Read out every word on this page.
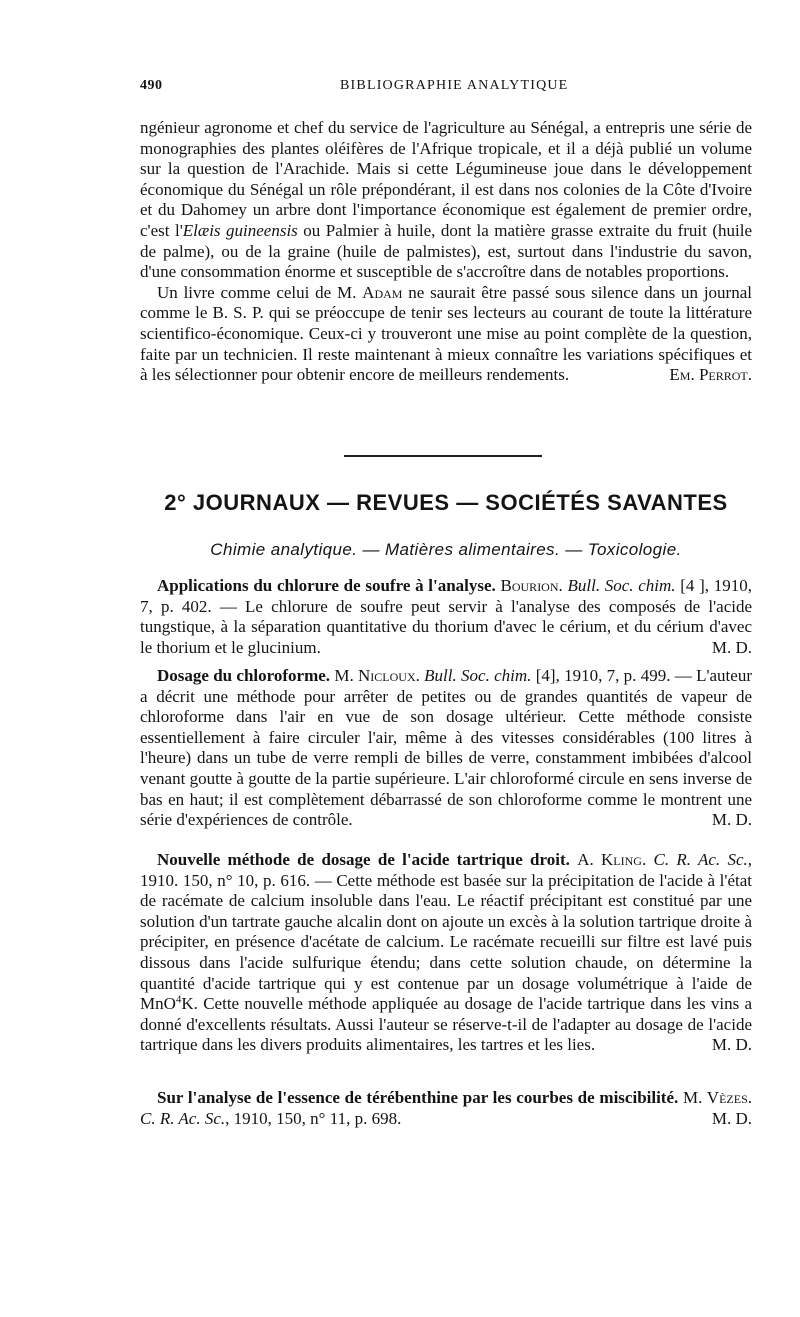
490	BIBLIOGRAPHIE ANALYTIQUE

ngénieur agronome et chef du service de l'agriculture au Sénégal, a entrepris une série de monographies des plantes oléifères de l'Afrique tropicale, et il a déjà publié un volume sur la question de l'Arachide. Mais si cette Légumineuse joue dans le développement économique du Sénégal un rôle prépondérant, il est dans nos colonies de la Côte d'Ivoire et du Dahomey un arbre dont l'importance économique est également de premier ordre, c'est l'Elæis guineensis ou Palmier à huile, dont la matière grasse extraite du fruit (huile de palme), ou de la graine (huile de palmistes), est, surtout dans l'industrie du savon, d'une consommation énorme et susceptible de s'accroître dans de notables proportions.

Un livre comme celui de M. Adam ne saurait être passé sous silence dans un journal comme le B. S. P. qui se préoccupe de tenir ses lecteurs au courant de toute la littérature scientifico-économique. Ceux-ci y trouveront une mise au point complète de la question, faite par un technicien. Il reste maintenant à mieux connaître les variations spécifiques et à les sélectionner pour obtenir encore de meilleurs rendements.	Em. Perrot.

2° JOURNAUX — REVUES — SOCIÉTÉS SAVANTES
Chimie analytique. — Matières alimentaires. — Toxicologie.

Applications du chlorure de soufre à l'analyse. Bourion. Bull. Soc. chim. [4 ], 1910, 7, p. 402. — Le chlorure de soufre peut servir à l'analyse des composés de l'acide tungstique, à la séparation quantitative du thorium d'avec le cérium, et du cérium d'avec le thorium et le glucinium.	M. D.

Dosage du chloroforme. M. Nicloux. Bull. Soc. chim. [4], 1910, 7, p. 499. — L'auteur a décrit une méthode pour arrêter de petites ou de grandes quantités de vapeur de chloroforme dans l'air en vue de son dosage ultérieur. Cette méthode consiste essentiellement à faire circuler l'air, même à des vitesses considérables (100 litres à l'heure) dans un tube de verre rempli de billes de verre, constamment imbibées d'alcool venant goutte à goutte de la partie supérieure. L'air chloroformé circule en sens inverse de bas en haut; il est complètement débarrassé de son chloroforme comme le montrent une série d'expériences de contrôle.	M. D.

Nouvelle méthode de dosage de l'acide tartrique droit. A. Kling. C. R. Ac. Sc., 1910. 150, n° 10, p. 616. — Cette méthode est basée sur la précipitation de l'acide à l'état de racémate de calcium insoluble dans l'eau. Le réactif précipitant est constitué par une solution d'un tartrate gauche alcalin dont on ajoute un excès à la solution tartrique droite à précipiter, en présence d'acétate de calcium. Le racémate recueilli sur filtre est lavé puis dissous dans l'acide sulfurique étendu; dans cette solution chaude, on détermine la quantité d'acide tartrique qui y est contenue par un dosage volumétrique à l'aide de MnO$^4$K. Cette nouvelle méthode appliquée au dosage de l'acide tartrique dans les vins a donné d'excellents résultats. Aussi l'auteur se réserve-t-il de l'adapter au dosage de l'acide tartrique dans les divers produits alimentaires, les tartres et les lies.	M. D.

Sur l'analyse de l'essence de térébenthine par les courbes de miscibilité. M. Vèzes. C. R. Ac. Sc., 1910, 150, n° 11, p. 698.	M. D.
